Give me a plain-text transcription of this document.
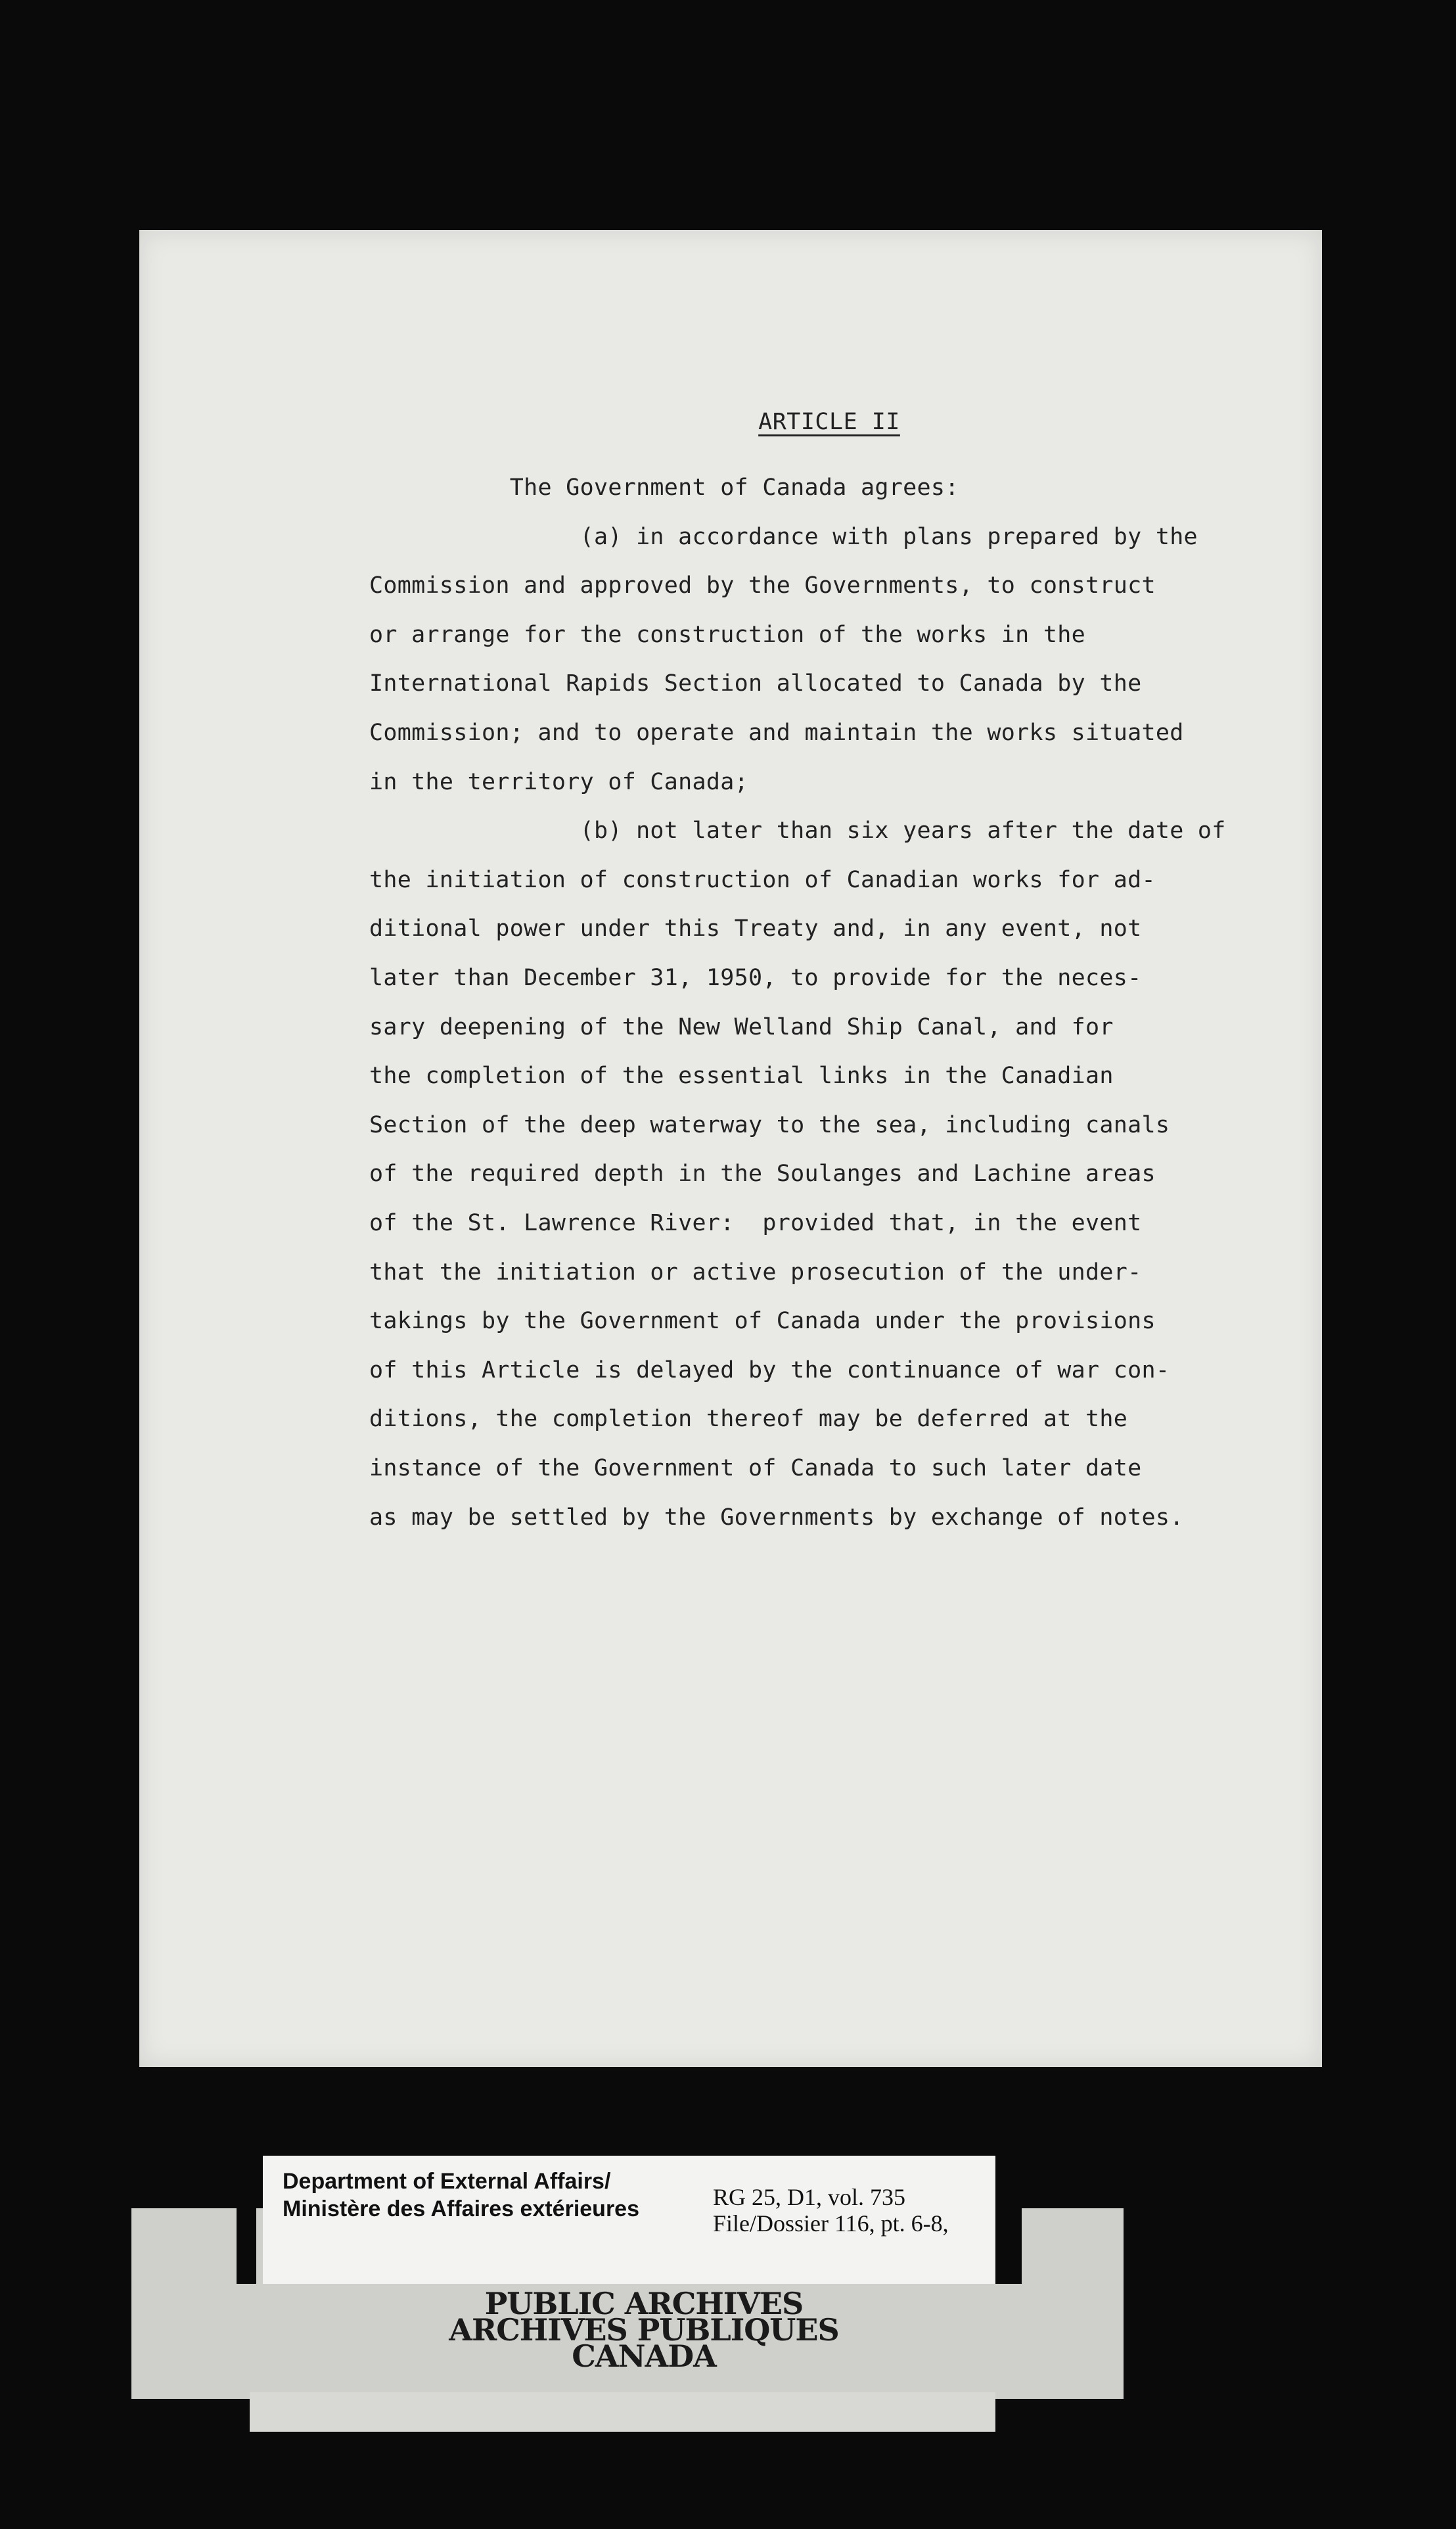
ARTICLE II
The Government of Canada agrees:
(a) in accordance with plans prepared by the
Commission and approved by the Governments, to construct
or arrange for the construction of the works in the
International Rapids Section allocated to Canada by the
Commission; and to operate and maintain the works situated
in the territory of Canada;
(b) not later than six years after the date of
the initiation of construction of Canadian works for ad-
ditional power under this Treaty and, in any event, not
later than December 31, 1950, to provide for the neces-
sary deepening of the New Welland Ship Canal, and for
the completion of the essential links in the Canadian
Section of the deep waterway to the sea, including canals
of the required depth in the Soulanges and Lachine areas
of the St. Lawrence River:  provided that, in the event
that the initiation or active prosecution of the under-
takings by the Government of Canada under the provisions
of this Article is delayed by the continuance of war con-
ditions, the completion thereof may be deferred at the
instance of the Government of Canada to such later date
as may be settled by the Governments by exchange of notes.
Department of External Affairs/
Ministère des Affaires extérieures	RG 25, D1, vol. 735
File/Dossier 116, pt. 6-8,
PUBLIC ARCHIVES
ARCHIVES PUBLIQUES
CANADA
